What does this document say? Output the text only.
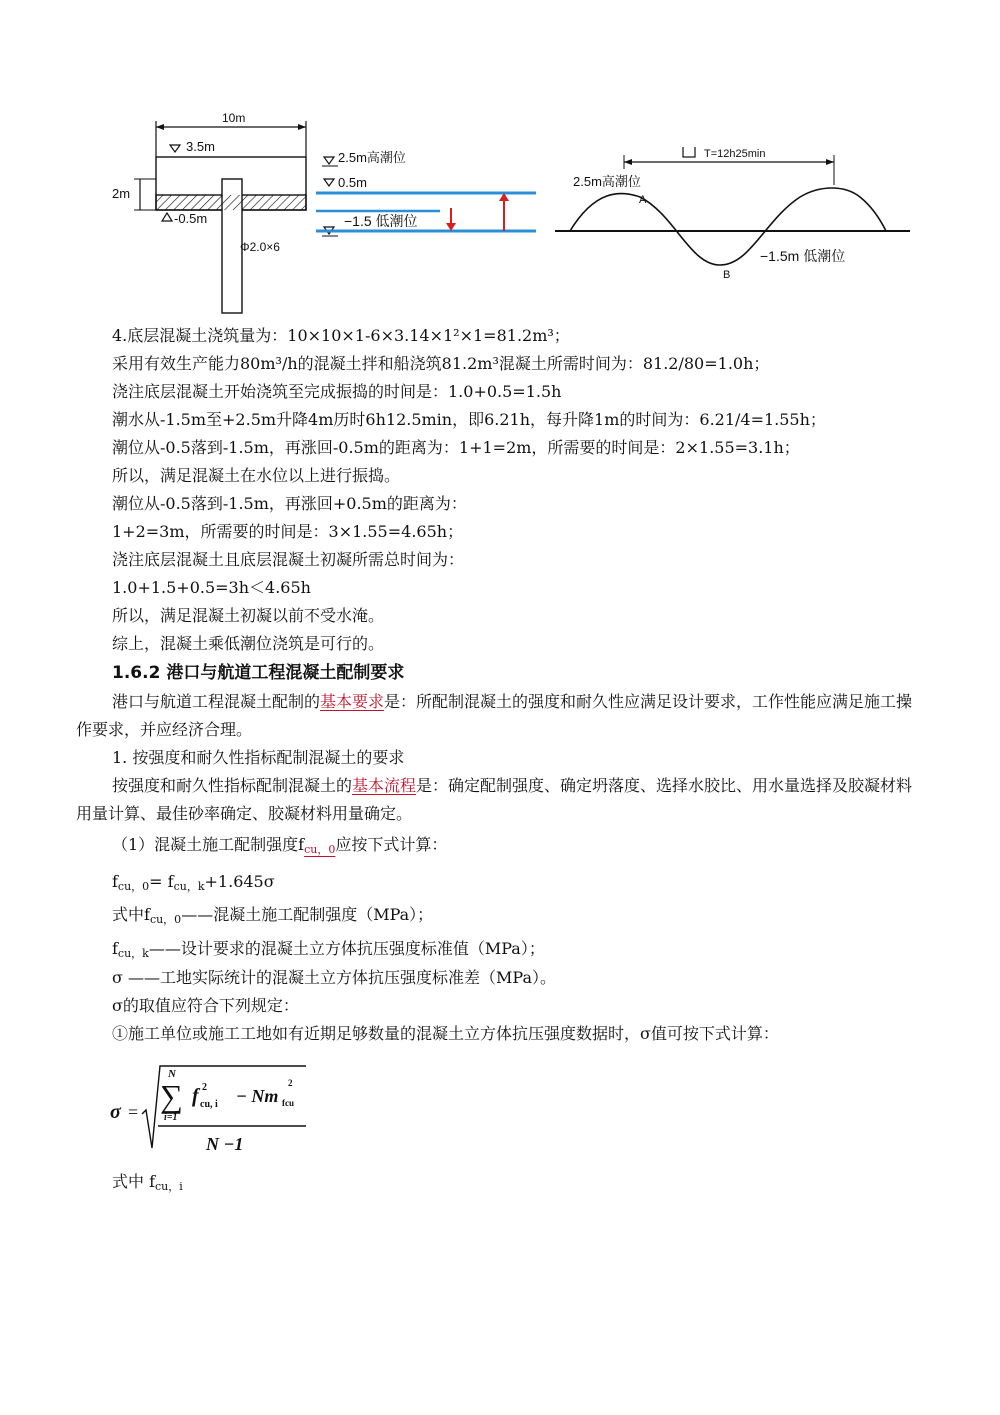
10m
3.5m
2m
-0.5m
Φ2.0×6
2.5m高潮位
0.5m
−1.5 低潮位
T=12h25min
2.5m高潮位
A
B
−1.5m 低潮位
4.底层混凝土浇筑量为：10×10×1-6×3.14×1²×1=81.2m³；
采用有效生产能力80m³/h的混凝土拌和船浇筑81.2m³混凝土所需时间为：81.2/80=1.0h；
浇注底层混凝土开始浇筑至完成振捣的时间是：1.0+0.5=1.5h
潮水从-1.5m至+2.5m升降4m历时6h12.5min，即6.21h，每升降1m的时间为：6.21/4=1.55h；
潮位从-0.5落到-1.5m，再涨回-0.5m的距离为：1+1=2m，所需要的时间是：2×1.55=3.1h；
所以，满足混凝土在水位以上进行振捣。
潮位从-0.5落到-1.5m，再涨回+0.5m的距离为：
1+2=3m，所需要的时间是：3×1.55=4.65h；
浇注底层混凝土且底层混凝土初凝所需总时间为：
1.0+1.5+0.5=3h＜4.65h
所以，满足混凝土初凝以前不受水淹。
综上，混凝土乘低潮位浇筑是可行的。
1.6.2 港口与航道工程混凝土配制要求
港口与航道工程混凝土配制的基本要求是：所配制混凝土的强度和耐久性应满足设计要求，工作性能应满足施工操作要求，并应经济合理。
1. 按强度和耐久性指标配制混凝土的要求
按强度和耐久性指标配制混凝土的基本流程是：确定配制强度、确定坍落度、选择水胶比、用水量选择及胶凝材料用量计算、最佳砂率确定、胶凝材料用量确定。
（1）混凝土施工配制强度$f_{cu,0}$应按下式计算：
$f_{cu,0}= f_{cu,k}+1.645\sigma$
式中$f_{cu,0}——$混凝土施工配制强度（MPa）；
$f_{cu,k}——$设计要求的混凝土立方体抗压强度标准值（MPa）；
σ ——工地实际统计的混凝土立方体抗压强度标准差（MPa）。
σ的取值应符合下列规定：
①施工单位或施工工地如有近期足够数量的混凝土立方体抗压强度数据时，σ值可按下式计算：
σ =
N
∑
i=1
f 2
cu, i − Nm
2
fcu
N −1
式中 $f_{cu,i}$
